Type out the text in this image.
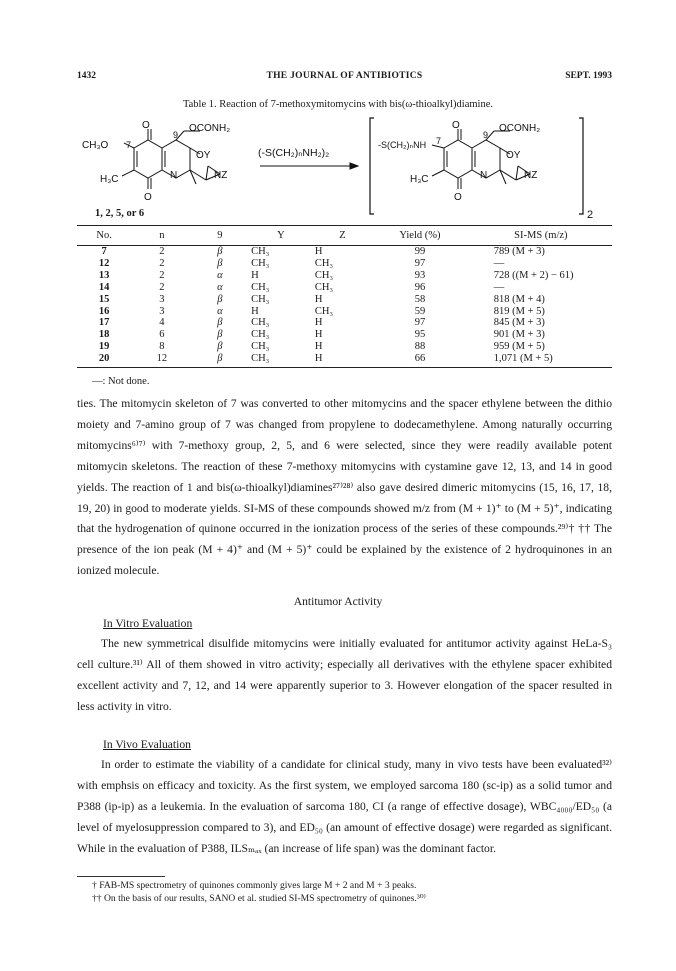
1432	THE JOURNAL OF ANTIBIOTICS	SEPT. 1993
Table 1. Reaction of 7-methoxymitomycins with bis(ω-thioalkyl)diamine.
O
9
OCONH₂
CH₃O 7
OY
N	NZ
H₃C
O
(-S(CH₂)ₙNH₂)₂
2
-S(CH₂)ₙNH 7
O
9
OCONH₂
OY
N	NZ
H₃C
O
1, 2, 5, or 6
No.	n	9	Y	Z	Yield (%)	SI-MS (m/z)
7	2	β	CH₃	H	99	789 (M + 3)
12	2	β	CH₃	CH₃	97	—
13	2	α	H	CH₃	93	728 ((M + 2) − 61)
14	2	α	CH₃	CH₃	96	—
15	3	β	CH₃	H	58	818 (M + 4)
16	3	α	H	CH₃	59	819 (M + 5)
17	4	β	CH₃	H	97	845 (M + 3)
18	6	β	CH₃	H	95	901 (M + 3)
19	8	β	CH₃	H	88	959 (M + 5)
20	12	β	CH₃	H	66	1,071 (M + 5)
—: Not done.

ties. The mitomycin skeleton of 7 was converted to other mitomycins and the spacer ethylene between the dithio moiety and 7-amino group of 7 was changed from propylene to dodecamethylene. Among naturally occurring mitomycins⁶⁾⁷⁾ with 7-methoxy group, 2, 5, and 6 were selected, since they were readily available potent mitomycin skeletons. The reaction of these 7-methoxy mitomycins with cystamine gave 12, 13, and 14 in good yields. The reaction of 1 and bis(ω-thioalkyl)diamines²⁷⁾²⁸⁾ also gave desired dimeric mitomycins (15, 16, 17, 18, 19, 20) in good to moderate yields. SI-MS of these compounds showed m/z from (M + 1)⁺ to (M + 5)⁺, indicating that the hydrogenation of quinone occurred in the ionization process of the series of these compounds.²⁹⁾† †† The presence of the ion peak (M + 4)⁺ and (M + 5)⁺ could be explained by the existence of 2 hydroquinones in an ionized molecule.

Antitumor Activity
In Vitro Evaluation

The new symmetrical disulfide mitomycins were initially evaluated for antitumor activity against HeLa-S₃ cell culture.³¹⁾ All of them showed in vitro activity; especially all derivatives with the ethylene spacer exhibited excellent activity and 7, 12, and 14 were apparently superior to 3. However elongation of the spacer resulted in less activity in vitro.

In Vivo Evaluation

In order to estimate the viability of a candidate for clinical study, many in vivo tests have been evaluated³²⁾ with emphsis on efficacy and toxicity. As the first system, we employed sarcoma 180 (sc-ip) as a solid tumor and P388 (ip-ip) as a leukemia. In the evaluation of sarcoma 180, CI (a range of effective dosage), WBC₄₀₀₀/ED₅₀ (a level of myelosuppression compared to 3), and ED₅₀ (an amount of effective dosage) were regarded as significant. While in the evaluation of P388, ILSₘₐₓ (an increase of life span) was the dominant factor.

† FAB-MS spectrometry of quinones commonly gives large M + 2 and M + 3 peaks.
†† On the basis of our results, SANO et al. studied SI-MS spectrometry of quinones.³⁰⁾
